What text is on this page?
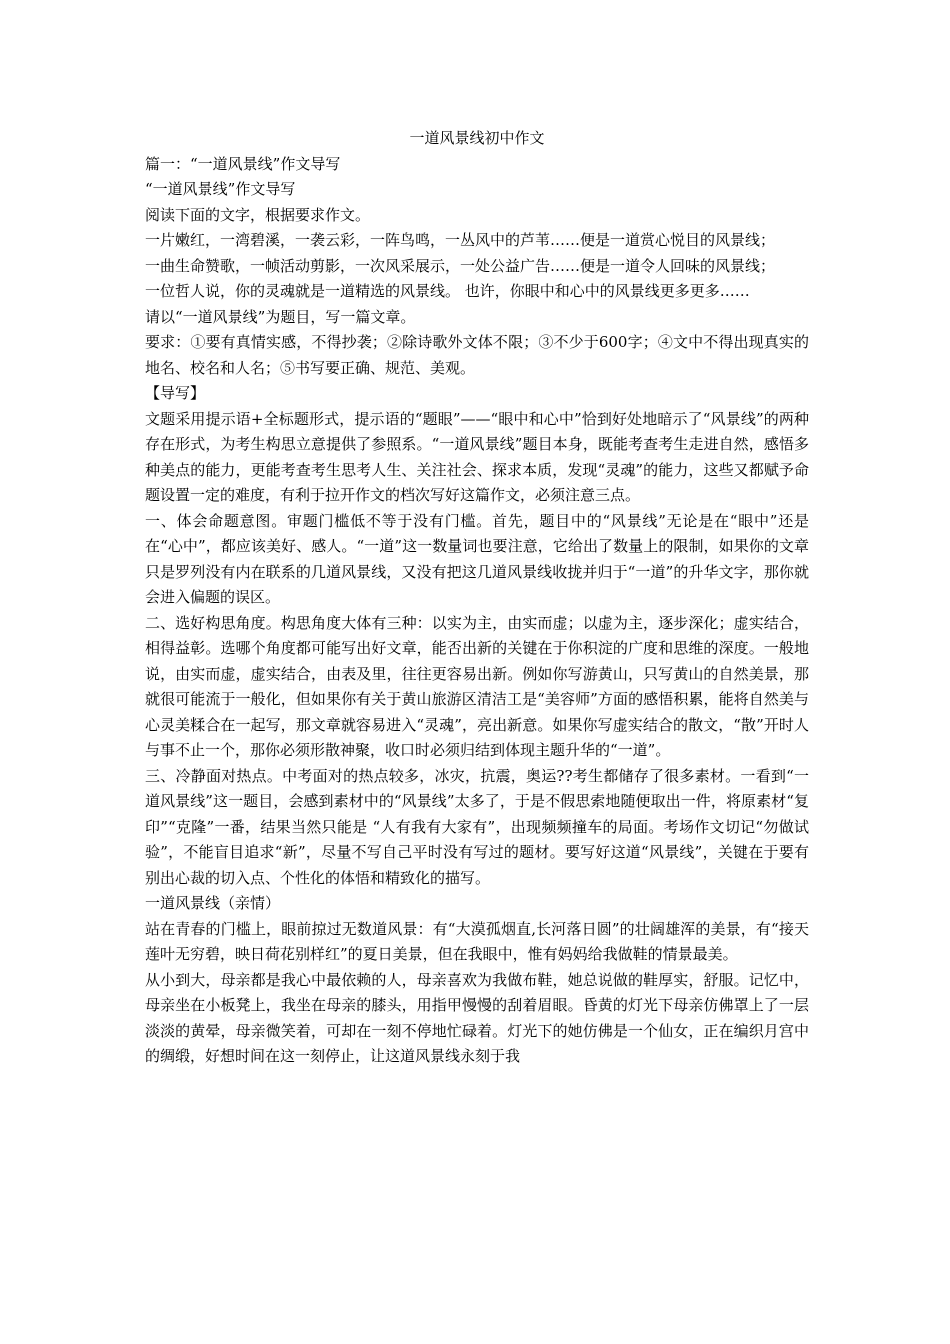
一道风景线初中作文

篇一：“一道风景线”作文导写

“一道风景线”作文导写

阅读下面的文字，根据要求作文。

一片嫩红，一湾碧溪，一袭云彩，一阵鸟鸣，一丛风中的芦苇……便是一道赏心悦目的风景线；

一曲生命赞歌，一帧活动剪影，一次风采展示，一处公益广告……便是一道令人回味的风景线；

一位哲人说，你的灵魂就是一道精选的风景线。 也许，你眼中和心中的风景线更多更多……

请以“一道风景线”为题目，写一篇文章。

要求：①要有真情实感，不得抄袭；②除诗歌外文体不限；③不少于600字；④文中不得出现真实的地名、校名和人名；⑤书写要正确、规范、美观。

【导写】

文题采用提示语+全标题形式，提示语的“题眼”——“眼中和心中”恰到好处地暗示了“风景线”的两种存在形式，为考生构思立意提供了参照系。“一道风景线”题目本身，既能考查考生走进自然，感悟多种美点的能力，更能考查考生思考人生、关注社会、探求本质，发现“灵魂”的能力，这些又都赋予命题设置一定的难度，有利于拉开作文的档次写好这篇作文，必须注意三点。

一、体会命题意图。审题门槛低不等于没有门槛。首先，题目中的“风景线”无论是在“眼中”还是在“心中”，都应该美好、感人。“一道”这一数量词也要注意，它给出了数量上的限制，如果你的文章只是罗列没有内在联系的几道风景线，又没有把这几道风景线收拢并归于“一道”的升华文字，那你就会进入偏题的误区。

二、选好构思角度。构思角度大体有三种：以实为主，由实而虚；以虚为主，逐步深化；虚实结合，相得益彰。选哪个角度都可能写出好文章，能否出新的关键在于你积淀的广度和思维的深度。一般地说，由实而虚，虚实结合，由表及里，往往更容易出新。例如你写游黄山，只写黄山的自然美景，那就很可能流于一般化，但如果你有关于黄山旅游区清洁工是“美容师”方面的感悟积累，能将自然美与心灵美糅合在一起写，那文章就容易进入“灵魂”，亮出新意。如果你写虚实结合的散文，“散”开时人与事不止一个，那你必须形散神聚，收口时必须归结到体现主题升华的“一道”。

三、冷静面对热点。中考面对的热点较多，冰灾，抗震，奥运??考生都储存了很多素材。一看到“一道风景线”这一题目，会感到素材中的“风景线”太多了，于是不假思索地随便取出一件，将原素材“复印”“克隆”一番，结果当然只能是 “人有我有大家有”，出现频频撞车的局面。考场作文切记“勿做试验”，不能盲目追求“新”，尽量不写自己平时没有写过的题材。要写好这道“风景线”，关键在于要有别出心裁的切入点、个性化的体悟和精致化的描写。

一道风景线（亲情）

站在青春的门槛上，眼前掠过无数道风景：有“大漠孤烟直,长河落日圆”的壮阔雄浑的美景，有“接天莲叶无穷碧，映日荷花别样红”的夏日美景，但在我眼中，惟有妈妈给我做鞋的情景最美。

从小到大，母亲都是我心中最依赖的人，母亲喜欢为我做布鞋，她总说做的鞋厚实，舒服。记忆中，母亲坐在小板凳上，我坐在母亲的膝头，用指甲慢慢的刮着眉眼。昏黄的灯光下母亲仿佛罩上了一层淡淡的黄晕，母亲微笑着，可却在一刻不停地忙碌着。灯光下的她仿佛是一个仙女，正在编织月宫中的绸缎，好想时间在这一刻停止，让这道风景线永刻于我
